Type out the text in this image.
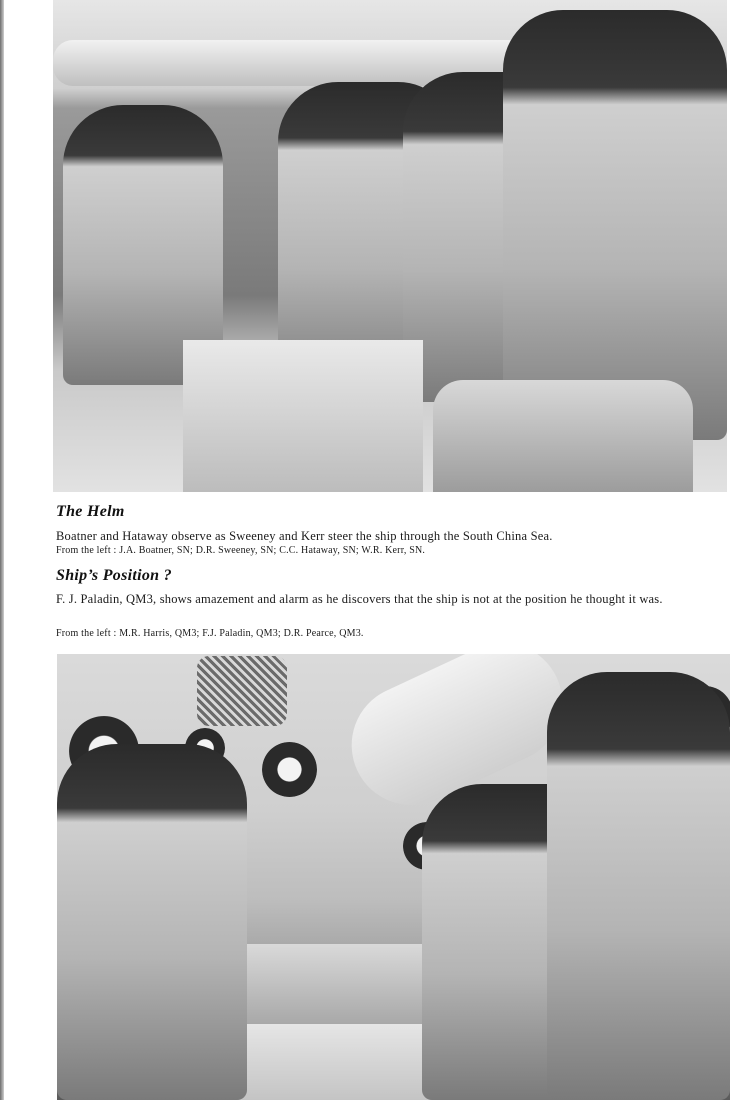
The Helm

Boatner and Hataway observe as Sweeney and Kerr steer the ship through the South China Sea.

From the left : J.A. Boatner, SN; D.R. Sweeney, SN; C.C. Hataway, SN; W.R. Kerr, SN.

Ship’s Position ?

F. J. Paladin, QM3, shows amazement and alarm as he discovers that the ship is not at the position he thought it was.

From the left : M.R. Harris, QM3; F.J. Paladin, QM3; D.R. Pearce, QM3.
